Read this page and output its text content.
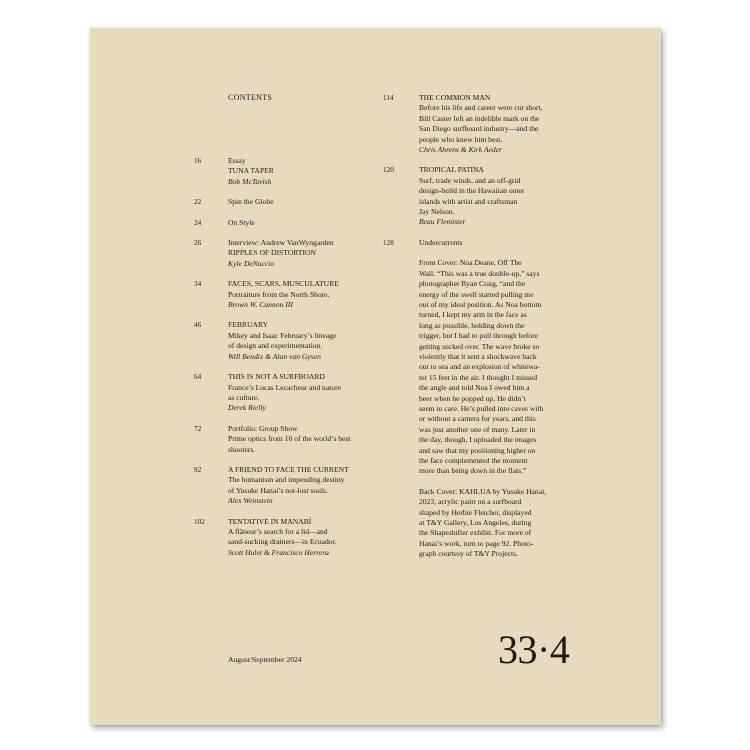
CONTENTS
16	Essay
TUNA TAPER
Bob McTavish
22	Spin the Globe
24	On Style
26	Interview: Andrew VanWyngarden
RIPPLES OF DISTORTION
Kyle DeNuccio
34	FACES, SCARS, MUSCULATURE
Portraiture from the North Shore.
Brown W. Cannon III
46	FEBRUARY
Mikey and Isaac February’s lineage
of design and experimentation.
Will Bendix & Alan van Gysen
64	THIS IS NOT A SURFBOARD
France’s Lucas Lecacheur and nature
as culture.
Derek Rielly
72	Portfolio: Group Show
Prime optics from 10 of the world’s best
shooters.
92	A FRIEND TO FACE THE CURRENT
The humanism and impending destiny
of Yusuke Hanai’s not-lost souls.
Alex Weinstein
102	TENTATIVE IN MANABÍ
A flâneur’s search for a lid—and
sand-sucking drainers—in Ecuador.
Scott Hulet & Francisco Herrera
114	THE COMMON MAN
Before his life and career were cut short,
Bill Caster left an indelible mark on the
San Diego surfboard industry—and the
people who knew him best.
Chris Ahrens & Kirk Aeder
120	TROPICAL PATINA
Surf, trade winds, and an off-grid
design-build in the Hawaiian outer
islands with artist and craftsman
Jay Nelson.
Beau Flemister
128	Undercurrents
Front Cover: Noa Deane, Off The
Wall. “This was a true double-up,” says
photographer Ryan Craig, “and the
energy of the swell started pulling me
out of my ideal position. As Noa bottom
turned, I kept my arm in the face as
long as possible, holding down the
trigger, but I had to pull through before
getting sucked over. The wave broke so
violently that it sent a shockwave back
out to sea and an explosion of whitewa-
ter 15 feet in the air. I thought I missed
the angle and told Noa I owed him a
beer when he popped up. He didn’t
seem to care. He’s pulled into caves with
or without a camera for years, and this
was just another one of many. Later in
the day, though, I uploaded the images
and saw that my positioning higher on
the face complemented the moment
more than being down in the flats.”
Back Cover: KAHLUA by Yusuke Hanai,
2023, acrylic paint on a surfboard
shaped by Herbie Fletcher, displayed
at T&Y Gallery, Los Angeles, during
the Shapeshifter exhibit. For more of
Hanai’s work, turn to page 92. Photo-
graph courtesy of T&Y Projects.
August/September 2024	33·4
